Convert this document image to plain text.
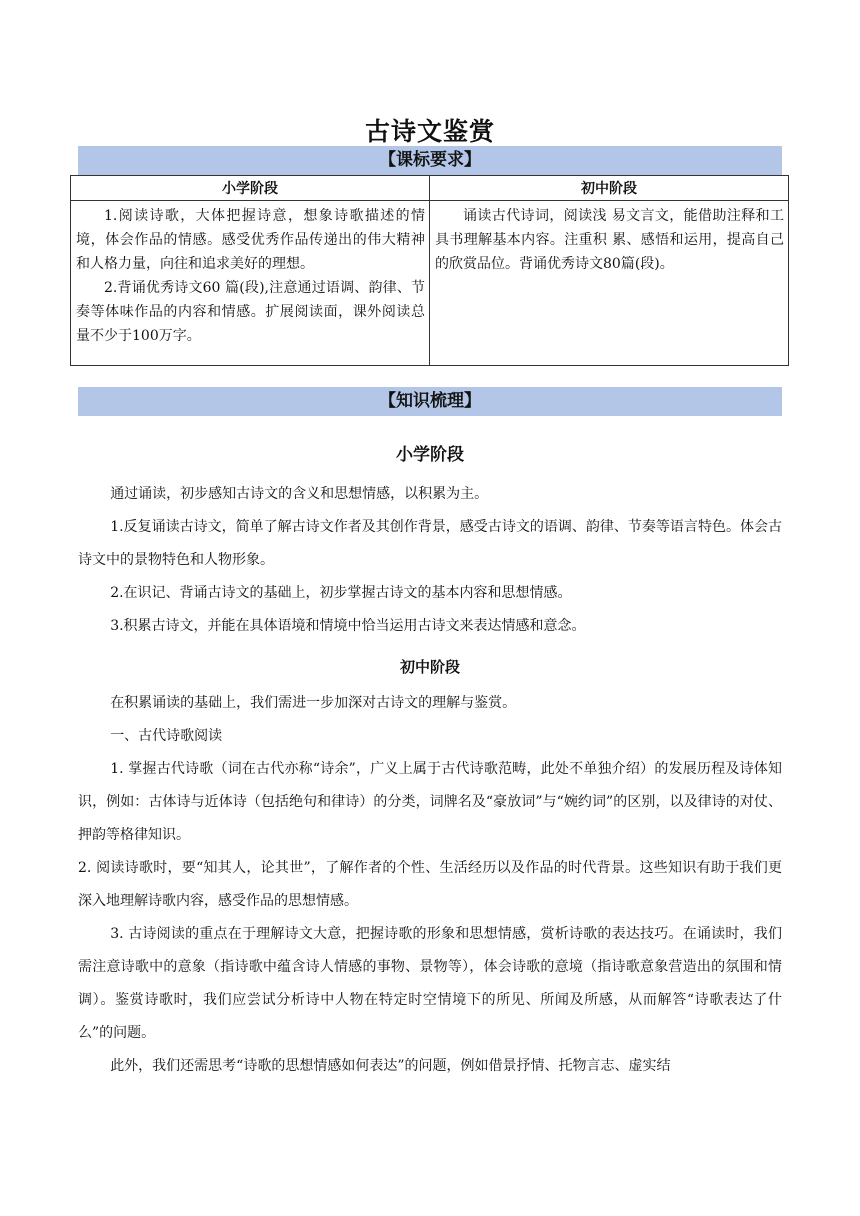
古诗文鉴赏
【课标要求】
小学阶段	初中阶段

1.阅读诗歌，大体把握诗意，想象诗歌描述的情境，体会作品的情感。感受优秀作品传递出的伟大精神和人格力量，向往和追求美好的理想。

2.背诵优秀诗文60 篇(段),注意通过语调、韵律、节奏等体味作品的内容和情感。扩展阅读面，课外阅读总量不少于100万字。	诵读古代诗词，阅读浅 易文言文，能借助注释和工具书理解基本内容。注重积 累、感悟和运用，提高自己 的欣赏品位。背诵优秀诗文80篇(段)。

【知识梳理】
小学阶段

通过诵读，初步感知古诗文的含义和思想情感，以积累为主。

1.反复诵读古诗文，简单了解古诗文作者及其创作背景，感受古诗文的语调、韵律、节奏等语言特色。体会古诗文中的景物特色和人物形象。

2.在识记、背诵古诗文的基础上，初步掌握古诗文的基本内容和思想情感。

3.积累古诗文，并能在具体语境和情境中恰当运用古诗文来表达情感和意念。

初中阶段

在积累诵读的基础上，我们需进一步加深对古诗文的理解与鉴赏。

一、古代诗歌阅读

1. 掌握古代诗歌（词在古代亦称“诗余”，广义上属于古代诗歌范畴，此处不单独介绍）的发展历程及诗体知识，例如：古体诗与近体诗（包括绝句和律诗）的分类，词牌名及“豪放词”与“婉约词”的区别，以及律诗的对仗、押韵等格律知识。

2. 阅读诗歌时，要“知其人，论其世”，了解作者的个性、生活经历以及作品的时代背景。这些知识有助于我们更深入地理解诗歌内容，感受作品的思想情感。

3. 古诗阅读的重点在于理解诗文大意，把握诗歌的形象和思想情感，赏析诗歌的表达技巧。在诵读时，我们需注意诗歌中的意象（指诗歌中蕴含诗人情感的事物、景物等），体会诗歌的意境（指诗歌意象营造出的氛围和情调）。鉴赏诗歌时，我们应尝试分析诗中人物在特定时空情境下的所见、所闻及所感，从而解答“诗歌表达了什么”的问题。

此外，我们还需思考“诗歌的思想情感如何表达”的问题，例如借景抒情、托物言志、虚实结
